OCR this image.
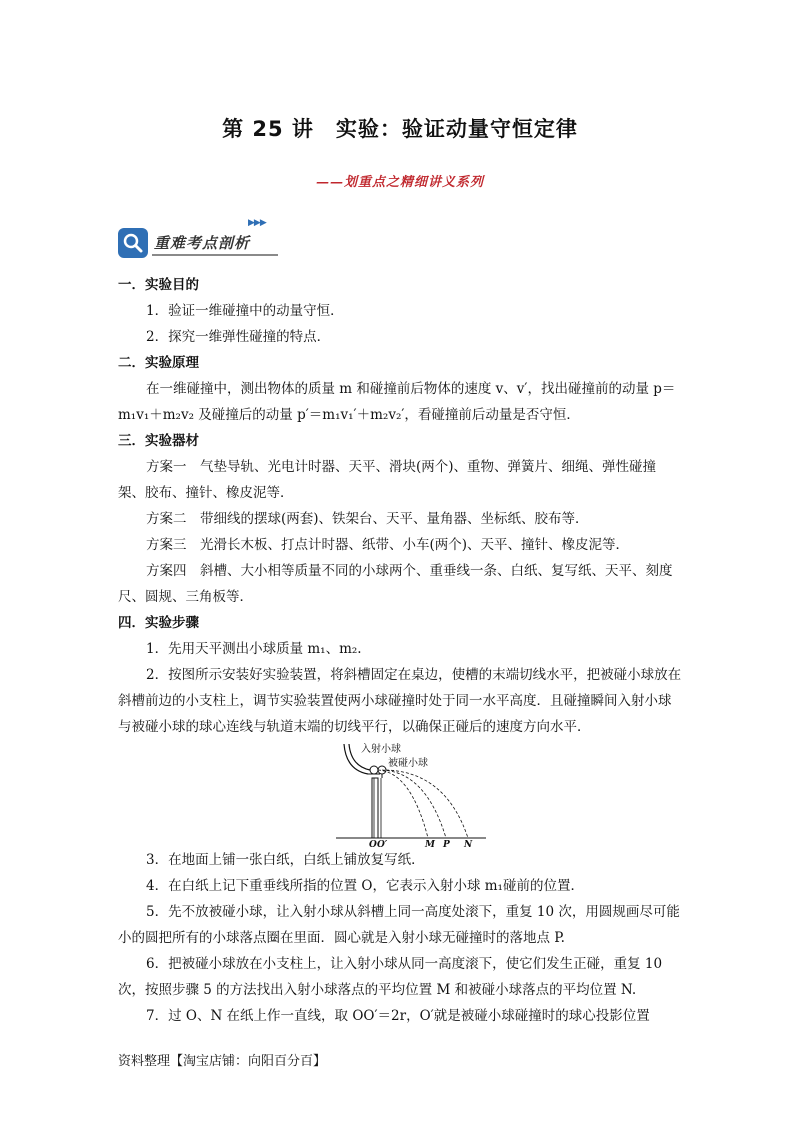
第 25 讲　实验：验证动量守恒定律
——划重点之精细讲义系列
重难考点剖析
▶▶▶

一．实验目的

1．验证一维碰撞中的动量守恒．

2．探究一维弹性碰撞的特点．

二．实验原理

在一维碰撞中，测出物体的质量 m 和碰撞前后物体的速度 v、v′，找出碰撞前的动量 p＝m₁v₁＋m₂v₂ 及碰撞后的动量 p′＝m₁v₁′＋m₂v₂′，看碰撞前后动量是否守恒．

三．实验器材

方案一　气垫导轨、光电计时器、天平、滑块(两个)、重物、弹簧片、细绳、弹性碰撞架、胶布、撞针、橡皮泥等．

方案二　带细线的摆球(两套)、铁架台、天平、量角器、坐标纸、胶布等．

方案三　光滑长木板、打点计时器、纸带、小车(两个)、天平、撞针、橡皮泥等．

方案四　斜槽、大小相等质量不同的小球两个、重垂线一条、白纸、复写纸、天平、刻度尺、圆规、三角板等．

四．实验步骤

1．先用天平测出小球质量 m₁、m₂.

2．按图所示安装好实验装置，将斜槽固定在桌边，使槽的末端切线水平，把被碰小球放在斜槽前边的小支柱上，调节实验装置使两小球碰撞时处于同一水平高度．且碰撞瞬间入射小球与被碰小球的球心连线与轨道末端的切线平行，以确保正碰后的速度方向水平．

入射小球
被碰小球
O O′	M P N

3．在地面上铺一张白纸，白纸上铺放复写纸．

4．在白纸上记下重垂线所指的位置 O，它表示入射小球 m₁碰前的位置．

5．先不放被碰小球，让入射小球从斜槽上同一高度处滚下，重复 10 次，用圆规画尽可能小的圆把所有的小球落点圈在里面．圆心就是入射小球无碰撞时的落地点 P.

6．把被碰小球放在小支柱上，让入射小球从同一高度滚下，使它们发生正碰，重复 10次，按照步骤 5 的方法找出入射小球落点的平均位置 M 和被碰小球落点的平均位置 N.

7．过 O、N 在纸上作一直线，取 OO′＝2r，O′就是被碰小球碰撞时的球心投影位置

资料整理【淘宝店铺：向阳百分百】
